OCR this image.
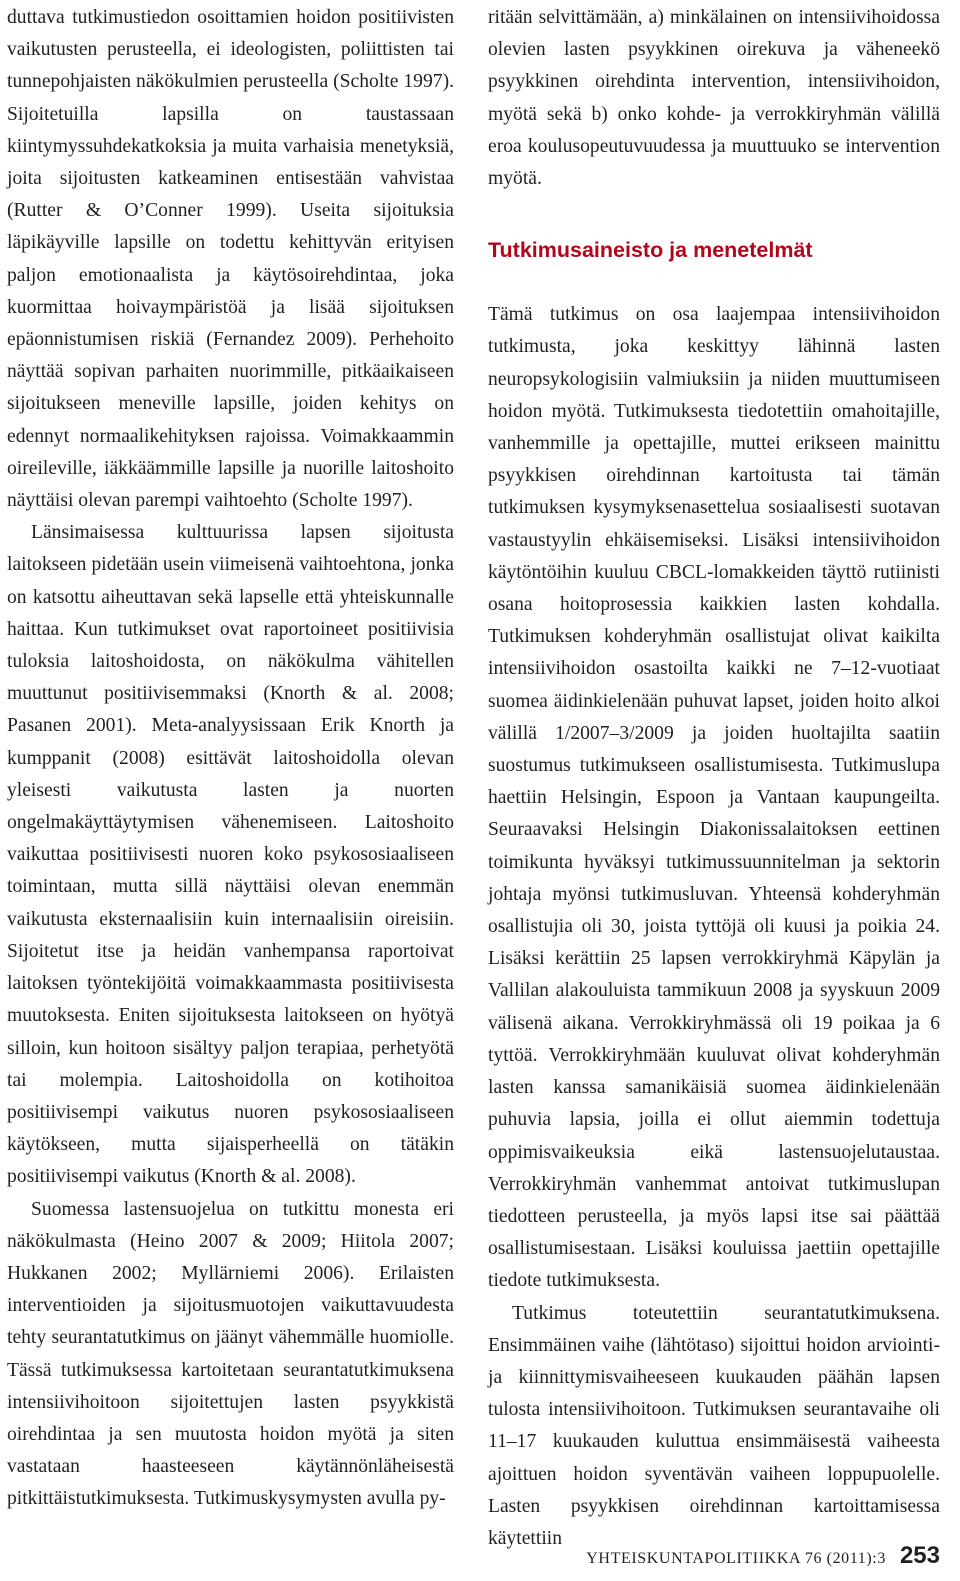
duttava tutkimustiedon osoittamien hoidon positiivisten vaikutusten perusteella, ei ideologisten, poliittisten tai tunnepohjaisten näkökulmien perusteella (Scholte 1997). Sijoitetuilla lapsilla on taustassaan kiintymyssuhdekatkoksia ja muita varhaisia menetyksiä, joita sijoitusten katkeaminen entisestään vahvistaa (Rutter & O’Conner 1999). Useita sijoituksia läpikäyville lapsille on todettu kehittyvän erityisen paljon emotionaalista ja käytösoirehdintaa, joka kuormittaa hoivaympäristöä ja lisää sijoituksen epäonnistumisen riskiä (Fernandez 2009). Perhehoito näyttää sopivan parhaiten nuorimmille, pitkäaikaiseen sijoitukseen meneville lapsille, joiden kehitys on edennyt normaalikehityksen rajoissa. Voimakkaammin oireileville, iäkkäämmille lapsille ja nuorille laitoshoito näyttäisi olevan parempi vaihtoehto (Scholte 1997).

Länsimaisessa kulttuurissa lapsen sijoitusta laitokseen pidetään usein viimeisenä vaihtoehtona, jonka on katsottu aiheuttavan sekä lapselle että yhteiskunnalle haittaa. Kun tutkimukset ovat raportoineet positiivisia tuloksia laitoshoidosta, on näkökulma vähitellen muuttunut positiivisemmaksi (Knorth & al. 2008; Pasanen 2001). Meta-analyysissaan Erik Knorth ja kumppanit (2008) esittävät laitoshoidolla olevan yleisesti vaikutusta lasten ja nuorten ongelmakäyttäytymisen vähenemiseen. Laitoshoito vaikuttaa positiivisesti nuoren koko psykososiaaliseen toimintaan, mutta sillä näyttäisi olevan enemmän vaikutusta eksternaalisiin kuin internaalisiin oireisiin. Sijoitetut itse ja heidän vanhempansa raportoivat laitoksen työntekijöitä voimakkaammasta positiivisesta muutoksesta. Eniten sijoituksesta laitokseen on hyötyä silloin, kun hoitoon sisältyy paljon terapiaa, perhetyötä tai molempia. Laitoshoidolla on kotihoitoa positiivisempi vaikutus nuoren psykososiaaliseen käytökseen, mutta sijaisperheellä on tätäkin positiivisempi vaikutus (Knorth & al. 2008).

Suomessa lastensuojelua on tutkittu monesta eri näkökulmasta (Heino 2007 & 2009; Hiitola 2007; Hukkanen 2002; Myllärniemi 2006). Erilaisten interventioiden ja sijoitusmuotojen vaikuttavuudesta tehty seurantatutkimus on jäänyt vähemmälle huomiolle. Tässä tutkimuksessa kartoitetaan seurantatutkimuksena intensiivihoitoon sijoitettujen lasten psyykkistä oirehdintaa ja sen muutosta hoidon myötä ja siten vastataan haasteeseen käytännönläheisestä pitkittäistutkimuksesta. Tutkimuskysymysten avulla py-

ritään selvittämään, a) minkälainen on intensiivihoidossa olevien lasten psyykkinen oirekuva ja väheneekö psyykkinen oirehdinta intervention, intensiivihoidon, myötä sekä b) onko kohde- ja verrokkiryhmän välillä eroa koulusopeutuvuudessa ja muuttuuko se intervention myötä.

Tutkimusaineisto ja menetelmät

Tämä tutkimus on osa laajempaa intensiivihoidon tutkimusta, joka keskittyy lähinnä lasten neuropsykologisiin valmiuksiin ja niiden muuttumiseen hoidon myötä. Tutkimuksesta tiedotettiin omahoitajille, vanhemmille ja opettajille, muttei erikseen mainittu psyykkisen oirehdinnan kartoitusta tai tämän tutkimuksen kysymyksenasettelua sosiaalisesti suotavan vastaustyylin ehkäisemiseksi. Lisäksi intensiivihoidon käytöntöihin kuuluu CBCL-lomakkeiden täyttö rutiinisti osana hoitoprosessia kaikkien lasten kohdalla. Tutkimuksen kohderyhmän osallistujat olivat kaikilta intensiivihoidon osastoilta kaikki ne 7–12-vuotiaat suomea äidinkielenään puhuvat lapset, joiden hoito alkoi välillä 1/2007–3/2009 ja joiden huoltajilta saatiin suostumus tutkimukseen osallistumisesta. Tutkimuslupa haettiin Helsingin, Espoon ja Vantaan kaupungeilta. Seuraavaksi Helsingin Diakonissalaitoksen eettinen toimikunta hyväksyi tutkimussuunnitelman ja sektorin johtaja myönsi tutkimusluvan. Yhteensä kohderyhmän osallistujia oli 30, joista tyttöjä oli kuusi ja poikia 24. Lisäksi kerättiin 25 lapsen verrokkiryhmä Käpylän ja Vallilan alakouluista tammikuun 2008 ja syyskuun 2009 välisenä aikana. Verrokkiryhmässä oli 19 poikaa ja 6 tyttöä. Verrokkiryhmään kuuluvat olivat kohderyhmän lasten kanssa samanikäisiä suomea äidinkielenään puhuvia lapsia, joilla ei ollut aiemmin todettuja oppimisvaikeuksia eikä lastensuojelutaustaa. Verrokkiryhmän vanhemmat antoivat tutkimuslupan tiedotteen perusteella, ja myös lapsi itse sai päättää osallistumisestaan. Lisäksi kouluissa jaettiin opettajille tiedote tutkimuksesta.

Tutkimus toteutettiin seurantatutkimuksena. Ensimmäinen vaihe (lähtötaso) sijoittui hoidon arviointi- ja kiinnittymisvaiheeseen kuukauden päähän lapsen tulosta intensiivihoitoon. Tutkimuksen seurantavaihe oli 11–17 kuukauden kuluttua ensimmäisestä vaiheesta ajoittuen hoidon syventävän vaiheen loppupuolelle. Lasten psyykkisen oirehdinnan kartoittamisessa käytettiin

YHTEISKUNTAPOLITIIKKA 76 (2011):3 253
